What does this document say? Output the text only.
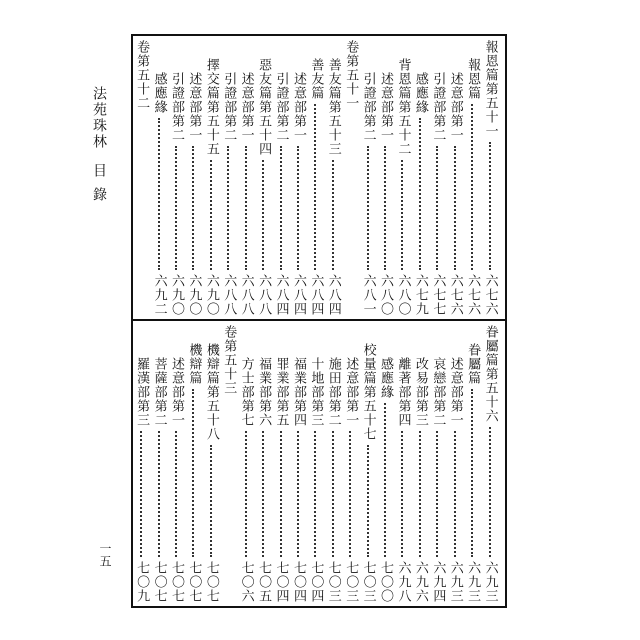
法苑珠林
目錄
一五
報恩篇第五十一
六七六
報恩篇
六七六
述意部第一
六七六
引證部第二
六七七
感應緣
六七九
背恩篇第五十二
六八〇
述意部第一
六八〇
引證部第二
六八一
卷第五十一
善友篇第五十三
六八四
善友篇
六八四
述意部第一
六八四
引證部第二
六八四
惡友篇第五十四
六八八
述意部第一
六八八
引證部第二
六八八
擇交篇第五十五
六九〇
述意部第一
六九〇
引證部第二
六九〇
感應緣
六九二
卷第五十二
眷屬篇第五十六
六九三
眷屬篇
六九三
述意部第一
六九三
哀戀部第二
六九四
改易部第三
六九六
離著部第四
六九八
感應緣
七〇〇
校量篇第五十七
七〇三
述意部第一
七〇三
施田部第二
七〇三
十地部第三
七〇四
福業部第四
七〇四
罪業部第五
七〇四
福業部第六
七〇五
方士部第七
七〇六
卷第五十三
機辯篇第五十八
七〇七
機辯篇
七〇七
述意部第一
七〇七
菩薩部第二
七〇七
羅漢部第三
七〇九
